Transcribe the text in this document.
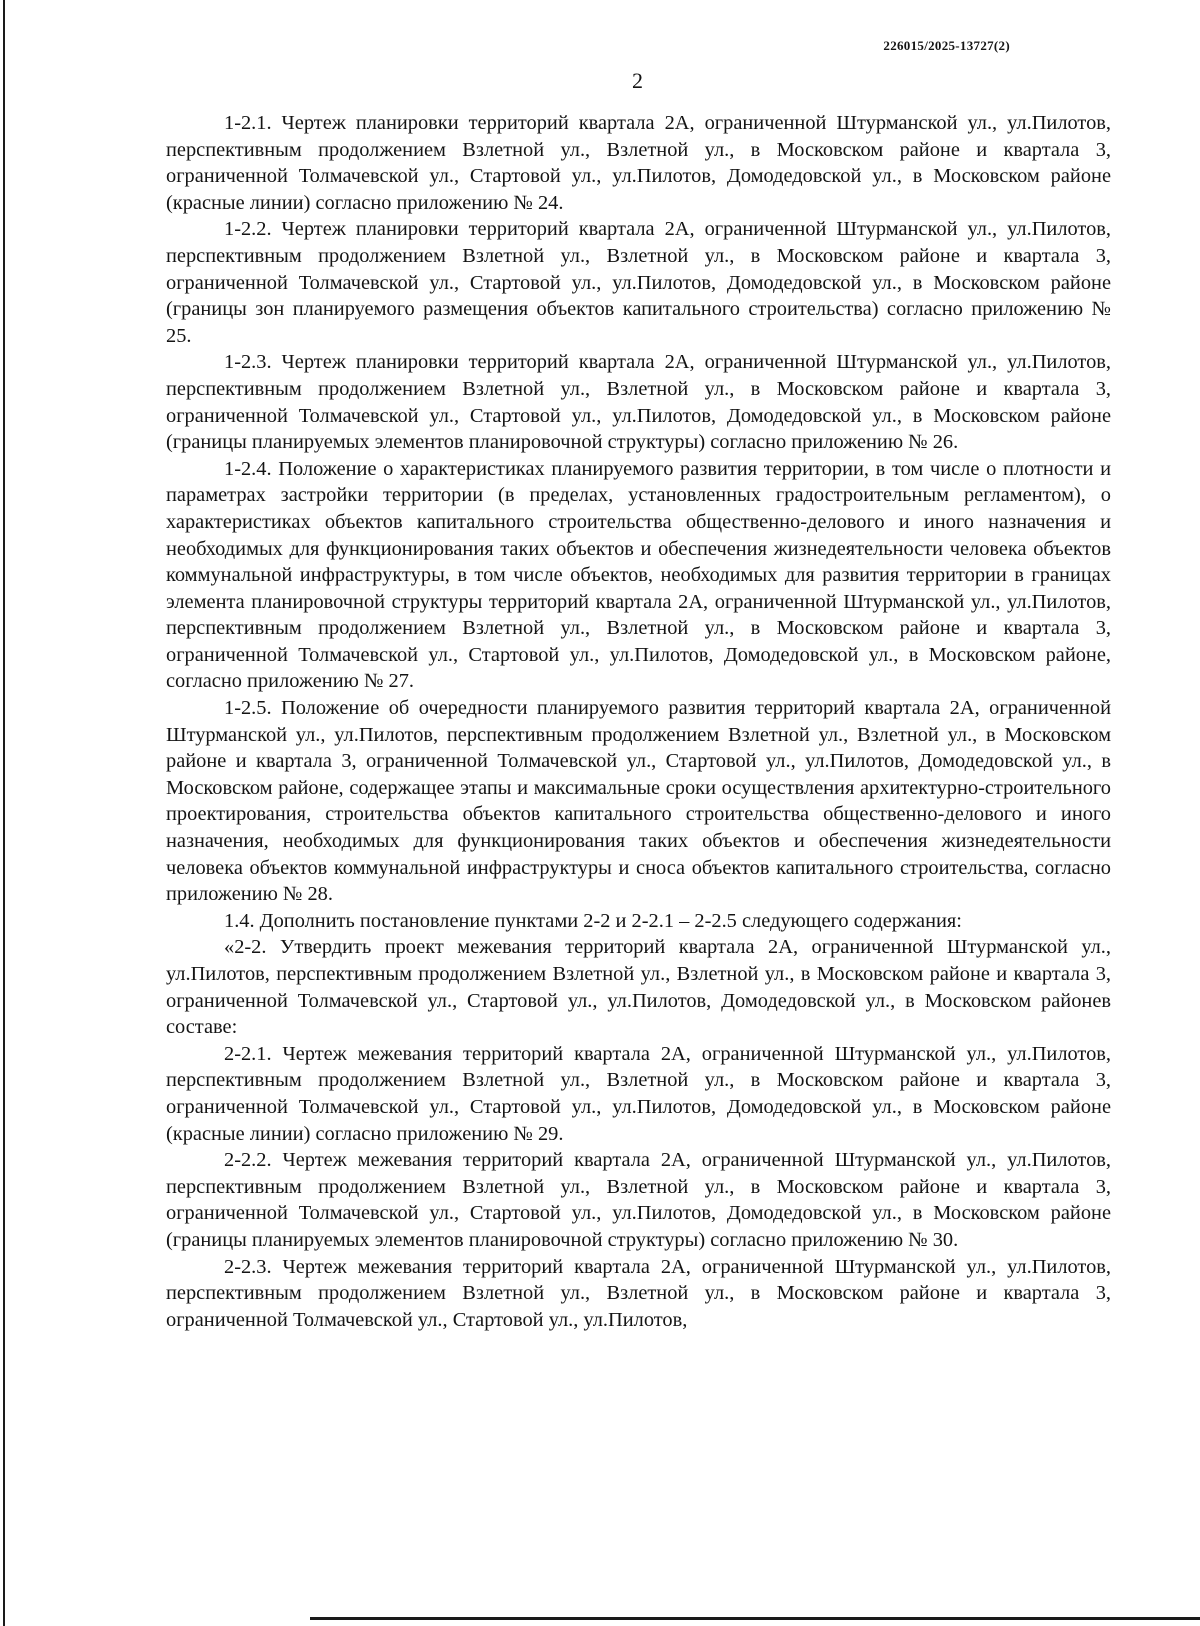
226015/2025-13727(2)
2

1-2.1. Чертеж планировки территорий квартала 2А, ограниченной Штурманской ул., ул.Пилотов, перспективным продолжением Взлетной ул., Взлетной ул., в Московском районе и квартала 3, ограниченной Толмачевской ул., Стартовой ул., ул.Пилотов, Домодедовской ул., в Московском районе (красные линии) согласно приложению № 24.

1-2.2. Чертеж планировки территорий квартала 2А, ограниченной Штурманской ул., ул.Пилотов, перспективным продолжением Взлетной ул., Взлетной ул., в Московском районе и квартала 3, ограниченной Толмачевской ул., Стартовой ул., ул.Пилотов, Домодедовской ул., в Московском районе (границы зон планируемого размещения объектов капитального строительства) согласно приложению № 25.

1-2.3. Чертеж планировки территорий квартала 2А, ограниченной Штурманской ул., ул.Пилотов, перспективным продолжением Взлетной ул., Взлетной ул., в Московском районе и квартала 3, ограниченной Толмачевской ул., Стартовой ул., ул.Пилотов, Домодедовской ул., в Московском районе (границы планируемых элементов планировочной структуры) согласно приложению № 26.

1-2.4. Положение о характеристиках планируемого развития территории, в том числе о плотности и параметрах застройки территории (в пределах, установленных градостроительным регламентом), о характеристиках объектов капитального строительства общественно-делового и иного назначения и необходимых для функционирования таких объектов и обеспечения жизнедеятельности человека объектов коммунальной инфраструктуры, в том числе объектов, необходимых для развития территории в границах элемента планировочной структуры территорий квартала 2А, ограниченной Штурманской ул., ул.Пилотов, перспективным продолжением Взлетной ул., Взлетной ул., в Московском районе и квартала 3, ограниченной Толмачевской ул., Стартовой ул., ул.Пилотов, Домодедовской ул., в Московском районе, согласно приложению № 27.

1-2.5. Положение об очередности планируемого развития территорий квартала 2А, ограниченной Штурманской ул., ул.Пилотов, перспективным продолжением Взлетной ул., Взлетной ул., в Московском районе и квартала 3, ограниченной Толмачевской ул., Стартовой ул., ул.Пилотов, Домодедовской ул., в Московском районе, содержащее этапы и максимальные сроки осуществления архитектурно-строительного проектирования, строительства объектов капитального строительства общественно-делового и иного назначения, необходимых для функционирования таких объектов и обеспечения жизнедеятельности человека объектов коммунальной инфраструктуры и сноса объектов капитального строительства, согласно приложению № 28.

1.4. Дополнить постановление пунктами 2-2 и 2-2.1 – 2-2.5 следующего содержания:

«2-2. Утвердить проект межевания территорий квартала 2А, ограниченной Штурманской ул., ул.Пилотов, перспективным продолжением Взлетной ул., Взлетной ул., в Московском районе и квартала 3, ограниченной Толмачевской ул., Стартовой ул., ул.Пилотов, Домодедовской ул., в Московском районев составе:

2-2.1. Чертеж межевания территорий квартала 2А, ограниченной Штурманской ул., ул.Пилотов, перспективным продолжением Взлетной ул., Взлетной ул., в Московском районе и квартала 3, ограниченной Толмачевской ул., Стартовой ул., ул.Пилотов, Домодедовской ул., в Московском районе (красные линии) согласно приложению № 29.

2-2.2. Чертеж межевания территорий квартала 2А, ограниченной Штурманской ул., ул.Пилотов, перспективным продолжением Взлетной ул., Взлетной ул., в Московском районе и квартала 3, ограниченной Толмачевской ул., Стартовой ул., ул.Пилотов, Домодедовской ул., в Московском районе (границы планируемых элементов планировочной структуры) согласно приложению № 30.

2-2.3. Чертеж межевания территорий квартала 2А, ограниченной Штурманской ул., ул.Пилотов, перспективным продолжением Взлетной ул., Взлетной ул., в Московском районе и квартала 3, ограниченной Толмачевской ул., Стартовой ул., ул.Пилотов,
